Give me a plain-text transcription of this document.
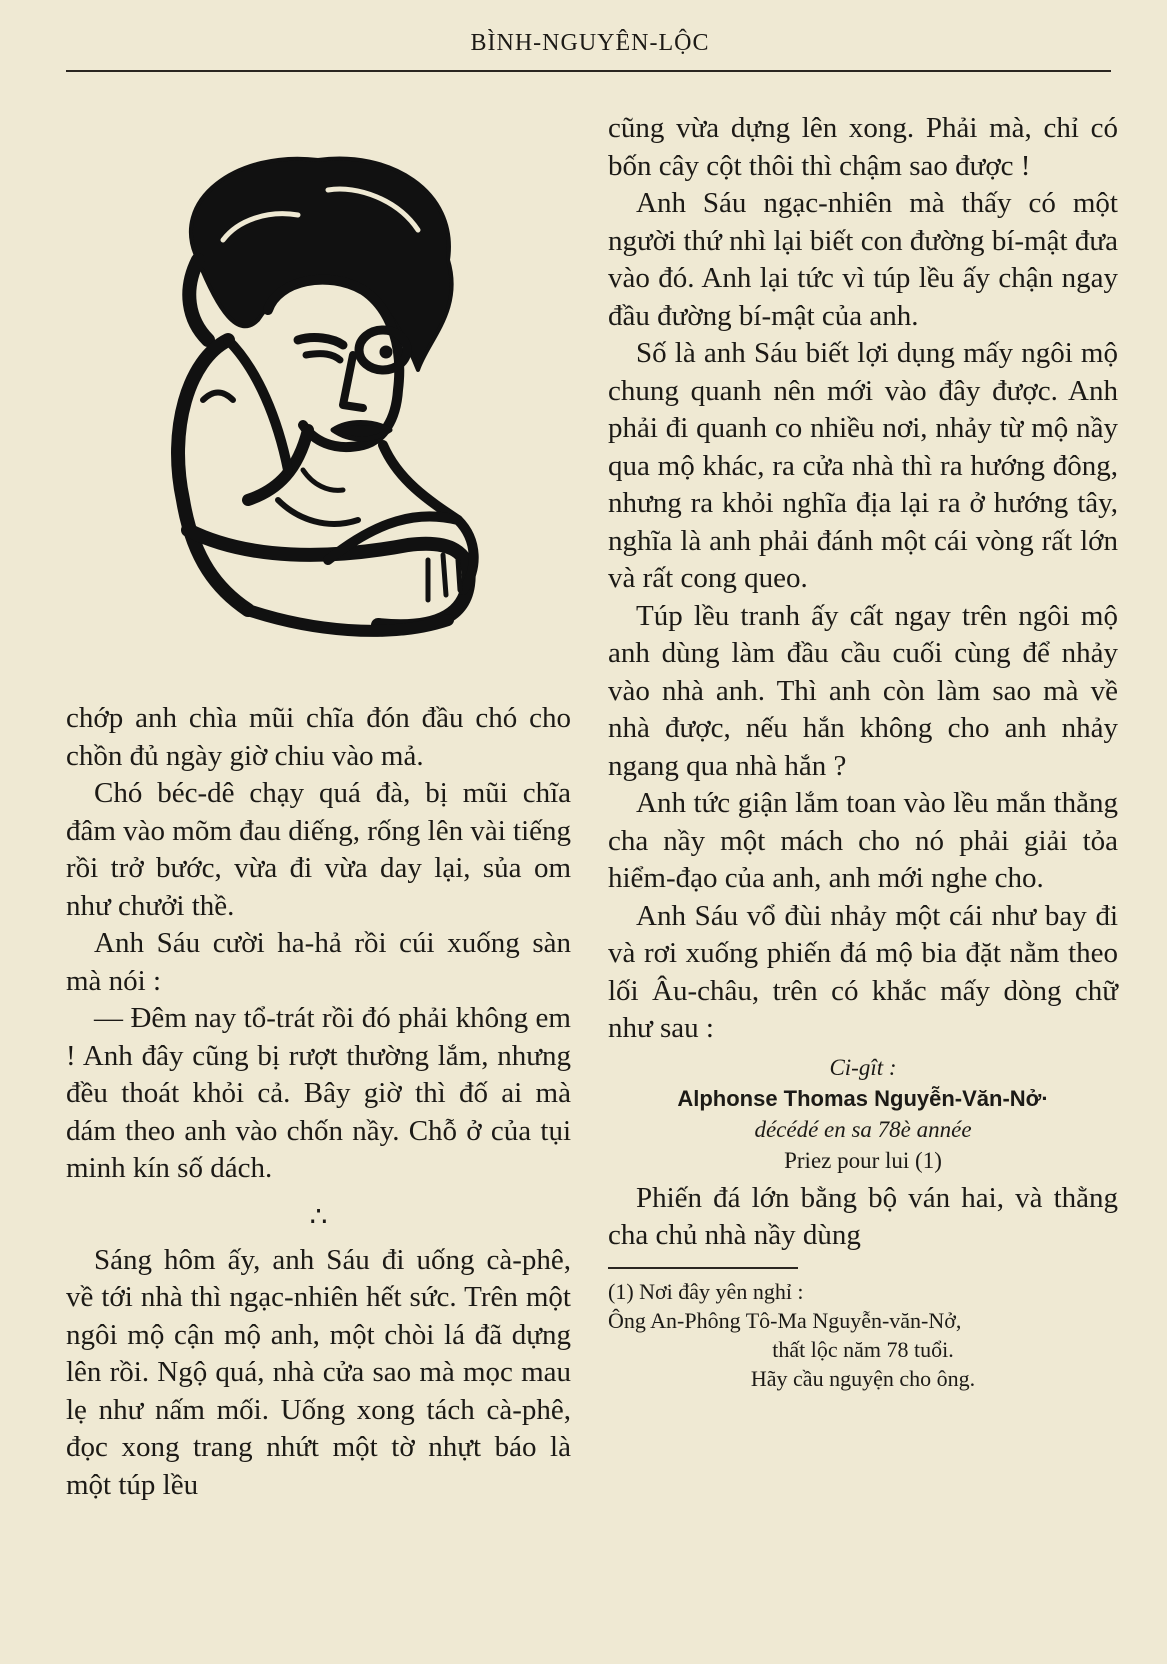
BÌNH-NGUYÊN-LỘC

chớp anh chìa mũi chĩa đón đầu chó cho chồn đủ ngày giờ chiu vào mả.

Chó béc-dê chạy quá đà, bị mũi chĩa đâm vào mõm đau diếng, rống lên vài tiếng rồi trở bước, vừa đi vừa day lại, sủa om như chưởi thề.

Anh Sáu cười ha-hả rồi cúi xuống sàn mà nói :

— Đêm nay tổ-trát rồi đó phải không em ! Anh đây cũng bị rượt thường lắm, nhưng đều thoát khỏi cả. Bây giờ thì đố ai mà dám theo anh vào chốn nầy. Chỗ ở của tụi minh kín số dách.

∴

Sáng hôm ấy, anh Sáu đi uống cà-phê, về tới nhà thì ngạc-nhiên hết sức. Trên một ngôi mộ cận mộ anh, một chòi lá đã dựng lên rồi. Ngộ quá, nhà cửa sao mà mọc mau lẹ như nấm mối. Uống xong tách cà-phê, đọc xong trang nhứt một tờ nhựt báo là một túp lều

cũng vừa dựng lên xong. Phải mà, chỉ có bốn cây cột thôi thì chậm sao được !

Anh Sáu ngạc-nhiên mà thấy có một người thứ nhì lại biết con đường bí-mật đưa vào đó. Anh lại tức vì túp lều ấy chận ngay đầu đường bí-mật của anh.

Số là anh Sáu biết lợi dụng mấy ngôi mộ chung quanh nên mới vào đây được. Anh phải đi quanh co nhiều nơi, nhảy từ mộ nầy qua mộ khác, ra cửa nhà thì ra hướng đông, nhưng ra khỏi nghĩa địa lại ra ở hướng tây, nghĩa là anh phải đánh một cái vòng rất lớn và rất cong queo.

Túp lều tranh ấy cất ngay trên ngôi mộ anh dùng làm đầu cầu cuối cùng để nhảy vào nhà anh. Thì anh còn làm sao mà về nhà được, nếu hắn không cho anh nhảy ngang qua nhà hắn ?

Anh tức giận lắm toan vào lều mắn thằng cha nầy một mách cho nó phải giải tỏa hiểm-đạo của anh, anh mới nghe cho.

Anh Sáu vổ đùi nhảy một cái như bay đi và rơi xuống phiến đá mộ bia đặt nằm theo lối Âu-châu, trên có khắc mấy dòng chữ như sau :

Ci-gît :
Alphonse Thomas Nguyễn-Văn-Nở·
décédé en sa 78è année
Priez pour lui (1)

Phiến đá lớn bằng bộ ván hai, và thằng cha chủ nhà nầy dùng

(1) Nơi đây yên nghỉ :
Ông An-Phông Tô-Ma Nguyễn-văn-Nở,
thất lộc năm 78 tuổi.
Hãy cầu nguyện cho ông.
